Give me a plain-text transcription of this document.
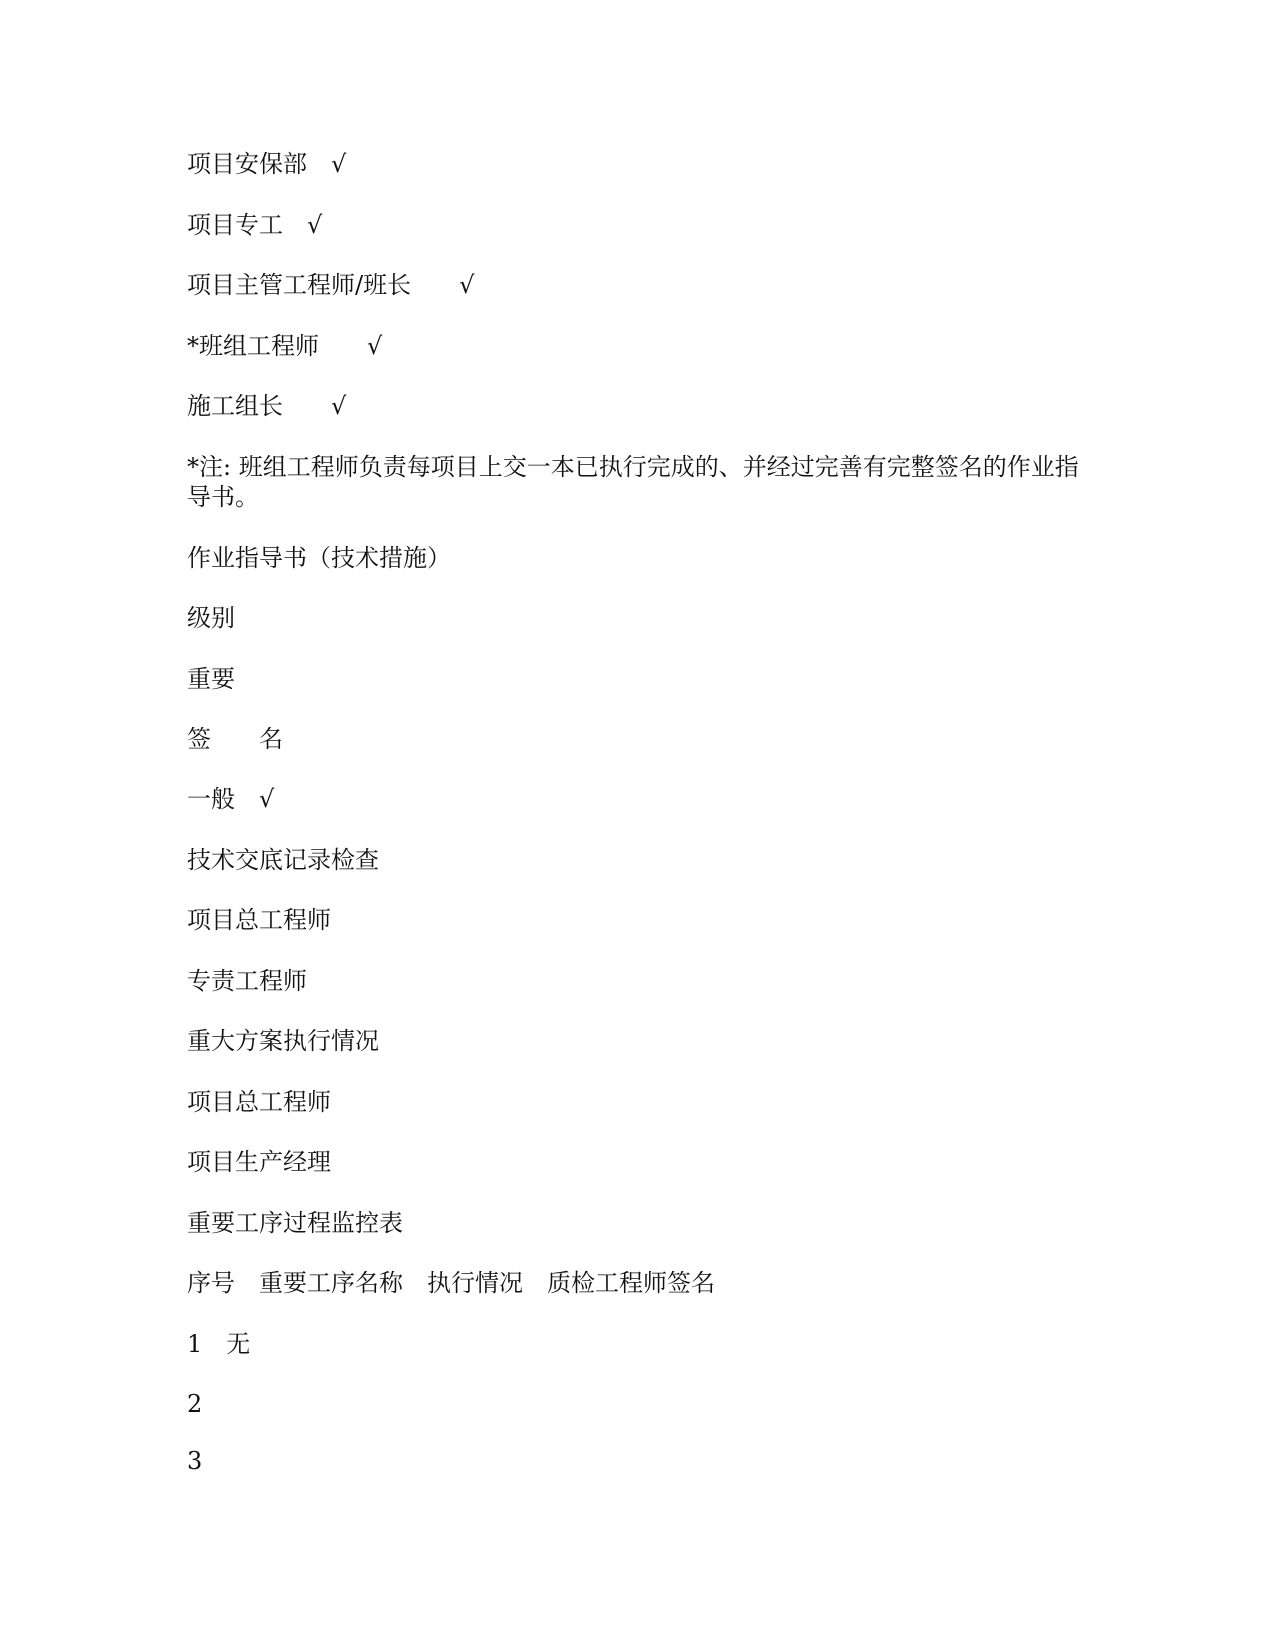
项目安保部　√
项目专工　√
项目主管工程师/班长　　√
*班组工程师　　√
施工组长　　√
*注: 班组工程师负责每项目上交一本已执行完成的、并经过完善有完整签名的作业指导书。
作业指导书（技术措施）
级别
重要
签　　名
一般　√
技术交底记录检查
项目总工程师
专责工程师
重大方案执行情况
项目总工程师
项目生产经理
重要工序过程监控表
序号　重要工序名称　执行情况　质检工程师签名
1　无
2
3
